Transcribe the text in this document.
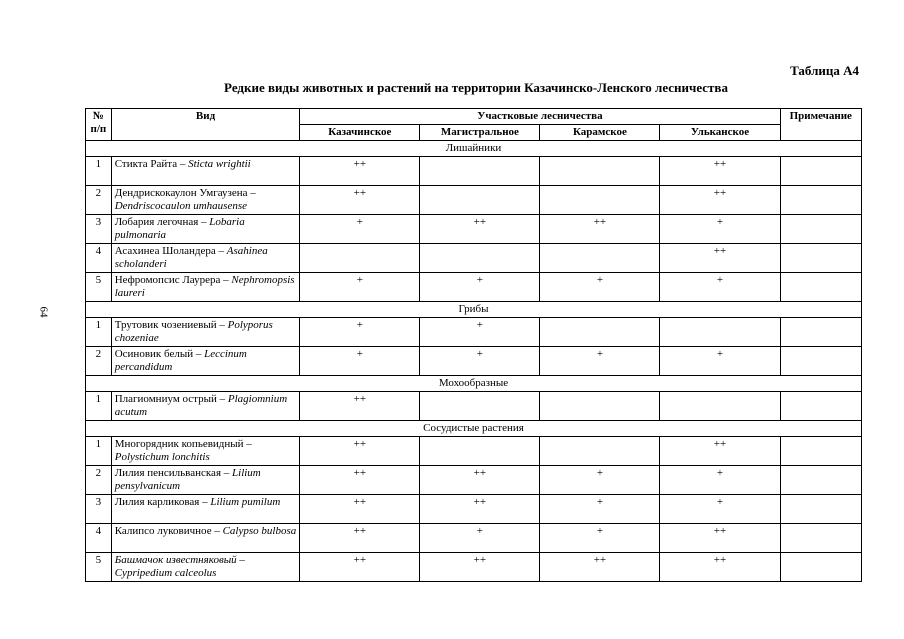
64
Таблица А4
Редкие виды животных и растений на территории Казачинско-Ленского лесничества
№ п/п	Вид	Участковые лесничества				Примечание
		Казачинское	Магистральное	Карамское	Ульканское	
Лишайники						
1	Стикта Райта – Sticta wrightii	++			++	
2	Дендрискокаулон Умгаузена – Dendriscocaulon umhausense	++			++	
3	Лобария легочная – Lobaria pulmonaria	+	++	++	+	
4	Асахинеа Шоландера – Asahinea scholanderi				++	
5	Нефромопсис Лаурера – Nephromopsis laureri	+	+	+	+	
Грибы						
1	Трутовик чозениевый – Polyporus chozeniae	+	+			
2	Осиновик белый – Leccinum percandidum	+	+	+	+	
Мохообразные						
1	Плагиомниум острый – Plagiomnium acutum	++				
Сосудистые растения						
1	Многорядник копьевидный – Polystichum lonchitis	++			++	
2	Лилия пенсильванская – Lilium pensylvanicum	++	++	+	+	
3	Лилия карликовая – Lilium pumilum	++	++	+	+	
4	Калипсо луковичное – Calypso bulbosa	++	+	+	++	
5	Башмачок известняковый – Cypripedium calceolus	++	++	++	++	
